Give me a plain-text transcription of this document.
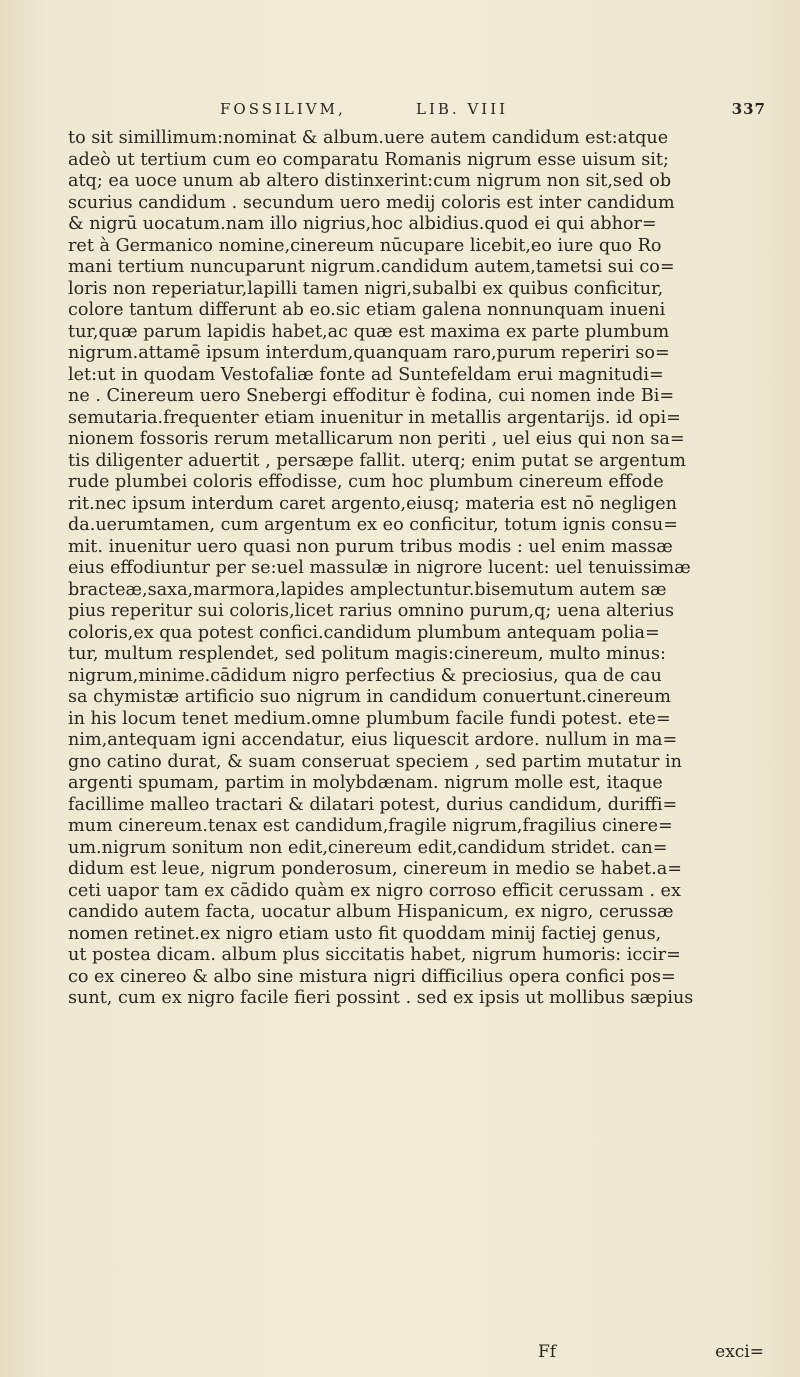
FOSSILIVM,	LIB. VIII	337
to sit simillimum:nominat & album.uere autem candidum est:atque
adeò ut tertium cum eo comparatu Romanis nigrum esse uisum sit;
atq; ea uoce unum ab altero distinxerint:cum nigrum non sit,sed ob
scurius candidum . secundum uero medij coloris est inter candidum
& nigrū uocatum.nam illo nigrius,hoc albidius.quod ei qui abhor=
ret à Germanico nomine,cinereum nūcupare licebit,eo iure quo Ro
mani tertium nuncuparunt nigrum.candidum autem,tametsi sui co=
loris non reperiatur,lapilli tamen nigri,subalbi ex quibus conficitur,
colore tantum differunt ab eo.sic etiam galena nonnunquam inueni
tur,quæ parum lapidis habet,ac quæ est maxima ex parte plumbum
nigrum.attamē ipsum interdum,quanquam raro,purum reperiri so=
let:ut in quodam Vestofaliæ fonte ad Suntefeldam erui magnitudi=
ne . Cinereum uero Snebergi effoditur è fodina, cui nomen inde Bi=
semutaria.frequenter etiam inuenitur in metallis argentarijs. id opi=
nionem fossoris rerum metallicarum non periti , uel eius qui non sa=
tis diligenter aduertit , persæpe fallit. uterq; enim putat se argentum
rude plumbei coloris effodisse, cum hoc plumbum cinereum effode
rit.nec ipsum interdum caret argento,eiusq; materia est nō negligen
da.uerumtamen, cum argentum ex eo conficitur, totum ignis consu=
mit. inuenitur uero quasi non purum tribus modis : uel enim massæ
eius effodiuntur per se:uel massulæ in nigrore lucent: uel tenuissimæ
bracteæ,saxa,marmora,lapides amplectuntur.bisemutum autem sæ
pius reperitur sui coloris,licet rarius omnino purum,q; uena alterius
coloris,ex qua potest confici.candidum plumbum antequam polia=
tur, multum resplendet, sed politum magis:cinereum, multo minus:
nigrum,minime.cādidum nigro perfectius & preciosius, qua de cau
sa chymistæ artificio suo nigrum in candidum conuertunt.cinereum
in his locum tenet medium.omne plumbum facile fundi potest. ete=
nim,antequam igni accendatur, eius liquescit ardore. nullum in ma=
gno catino durat, & suam conseruat speciem , sed partim mutatur in
argenti spumam, partim in molybdænam. nigrum molle est, itaque
facillime malleo tractari & dilatari potest, durius candidum, duriffi=
mum cinereum.tenax est candidum,fragile nigrum,fragilius cinere=
um.nigrum sonitum non edit,cinereum edit,candidum stridet. can=
didum est leue, nigrum ponderosum, cinereum in medio se habet.a=
ceti uapor tam ex cādido quàm ex nigro corroso efficit cerussam . ex
candido autem facta, uocatur album Hispanicum, ex nigro, cerussæ
nomen retinet.ex nigro etiam usto fit quoddam minij factiej genus,
ut postea dicam. album plus siccitatis habet, nigrum humoris: iccir=
co ex cinereo & albo sine mistura nigri difficilius opera confici pos=
sunt, cum ex nigro facile fieri possint . sed ex ipsis ut mollibus sæpius
Ff	exci=
